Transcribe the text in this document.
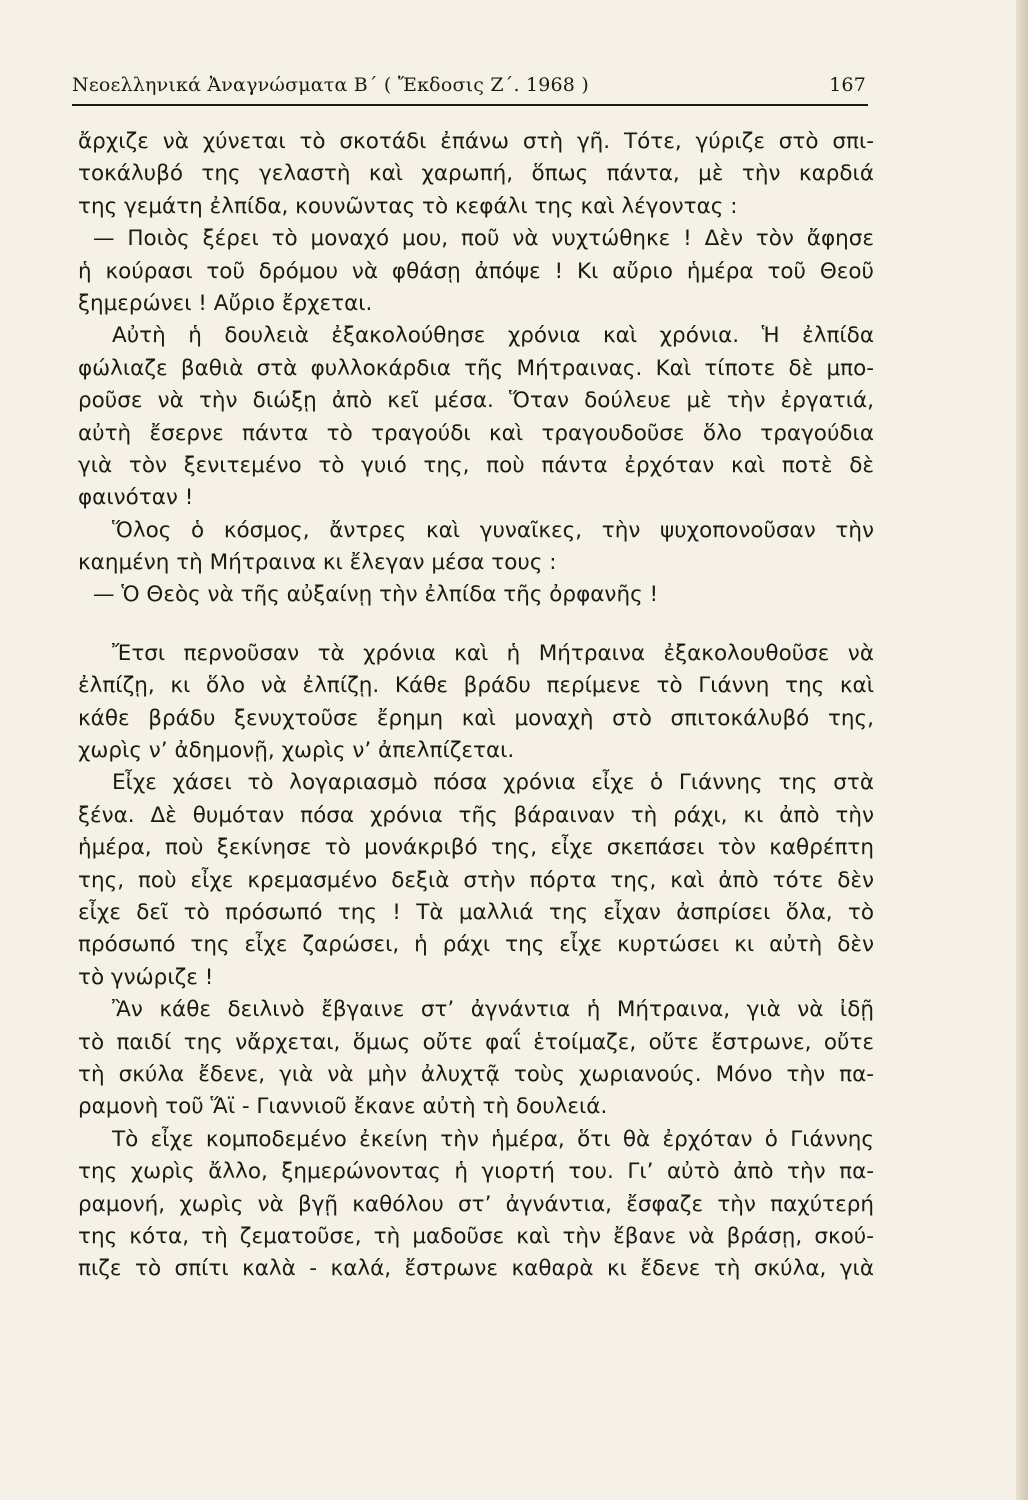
Νεοελληνικά Ἀναγνώσματα Β΄ ( Ἔκδοσις Ζ΄. 1968 )	167
ἄρχιζε νὰ χύνεται τὸ σκοτάδι ἐπάνω στὴ γῆ. Τότε, γύριζε στὸ σπι-
τοκάλυβό της γελαστὴ καὶ χαρωπή, ὅπως πάντα, μὲ τὴν καρδιά
της γεμάτη ἐλπίδα, κουνῶντας τὸ κεφάλι της καὶ λέγοντας :
— Ποιὸς ξέρει τὸ μοναχό μου, ποῦ νὰ νυχτώθηκε ! Δὲν τὸν ἄφησε
ἡ κούρασι τοῦ δρόμου νὰ φθάσῃ ἀπόψε ! Κι αὔριο ἡμέρα τοῦ Θεοῦ
ξημερώνει ! Αὔριο ἔρχεται.
Αὐτὴ ἡ δουλειὰ ἐξακολούθησε χρόνια καὶ χρόνια. Ἡ ἐλπίδα
φώλιαζε βαθιὰ στὰ φυλλοκάρδια τῆς Μήτραινας. Καὶ τίποτε δὲ μπο-
ροῦσε νὰ τὴν διώξῃ ἀπὸ κεῖ μέσα. Ὅταν δούλευε μὲ τὴν ἐργατιά,
αὐτὴ ἔσερνε πάντα τὸ τραγούδι καὶ τραγουδοῦσε ὅλο τραγούδια
γιὰ τὸν ξενιτεμένο τὸ γυιό της, ποὺ πάντα ἐρχόταν καὶ ποτὲ δὲ
φαινόταν !
Ὅλος ὁ κόσμος, ἄντρες καὶ γυναῖκες, τὴν ψυχοπονοῦσαν τὴν
καημένη τὴ Μήτραινα κι ἔλεγαν μέσα τους :
— Ὁ Θεὸς νὰ τῆς αὐξαίνῃ τὴν ἐλπίδα τῆς ὀρφανῆς !
Ἔτσι περνοῦσαν τὰ χρόνια καὶ ἡ Μήτραινα ἐξακολουθοῦσε νὰ
ἐλπίζῃ, κι ὅλο νὰ ἐλπίζῃ. Κάθε βράδυ περίμενε τὸ Γιάννη της καὶ
κάθε βράδυ ξενυχτοῦσε ἔρημη καὶ μοναχὴ στὸ σπιτοκάλυβό της,
χωρὶς ν’ ἀδημονῇ, χωρὶς ν’ ἀπελπίζεται.
Εἶχε χάσει τὸ λογαριασμὸ πόσα χρόνια εἶχε ὁ Γιάννης της στὰ
ξένα. Δὲ θυμόταν πόσα χρόνια τῆς βάραιναν τὴ ράχι, κι ἀπὸ τὴν
ἡμέρα, ποὺ ξεκίνησε τὸ μονάκριβό της, εἶχε σκεπάσει τὸν καθρέπτη
της, ποὺ εἶχε κρεμασμένο δεξιὰ στὴν πόρτα της, καὶ ἀπὸ τότε δὲν
εἶχε δεῖ τὸ πρόσωπό της ! Τὰ μαλλιά της εἶχαν ἀσπρίσει ὅλα, τὸ
πρόσωπό της εἶχε ζαρώσει, ἡ ράχι της εἶχε κυρτώσει κι αὐτὴ δὲν
τὸ γνώριζε !
Ἂν κάθε δειλινὸ ἔβγαινε στ’ ἀγνάντια ἡ Μήτραινα, γιὰ νὰ ἰδῇ
τὸ παιδί της νἄρχεται, ὅμως οὔτε φαΐ ἑτοίμαζε, οὔτε ἔστρωνε, οὔτε
τὴ σκύλα ἔδενε, γιὰ νὰ μὴν ἀλυχτᾷ τοὺς χωριανούς. Μόνο τὴν πα-
ραμονὴ τοῦ Ἅϊ - Γιαννιοῦ ἔκανε αὐτὴ τὴ δουλειά.
Τὸ εἶχε κομποδεμένο ἐκείνη τὴν ἡμέρα, ὅτι θὰ ἐρχόταν ὁ Γιάννης
της χωρὶς ἄλλο, ξημερώνοντας ἡ γιορτή του. Γι’ αὐτὸ ἀπὸ τὴν πα-
ραμονή, χωρὶς νὰ βγῇ καθόλου στ’ ἀγνάντια, ἔσφαζε τὴν παχύτερή
της κότα, τὴ ζεματοῦσε, τὴ μαδοῦσε καὶ τὴν ἔβανε νὰ βράσῃ, σκού-
πιζε τὸ σπίτι καλὰ - καλά, ἔστρωνε καθαρὰ κι ἔδενε τὴ σκύλα, γιὰ
